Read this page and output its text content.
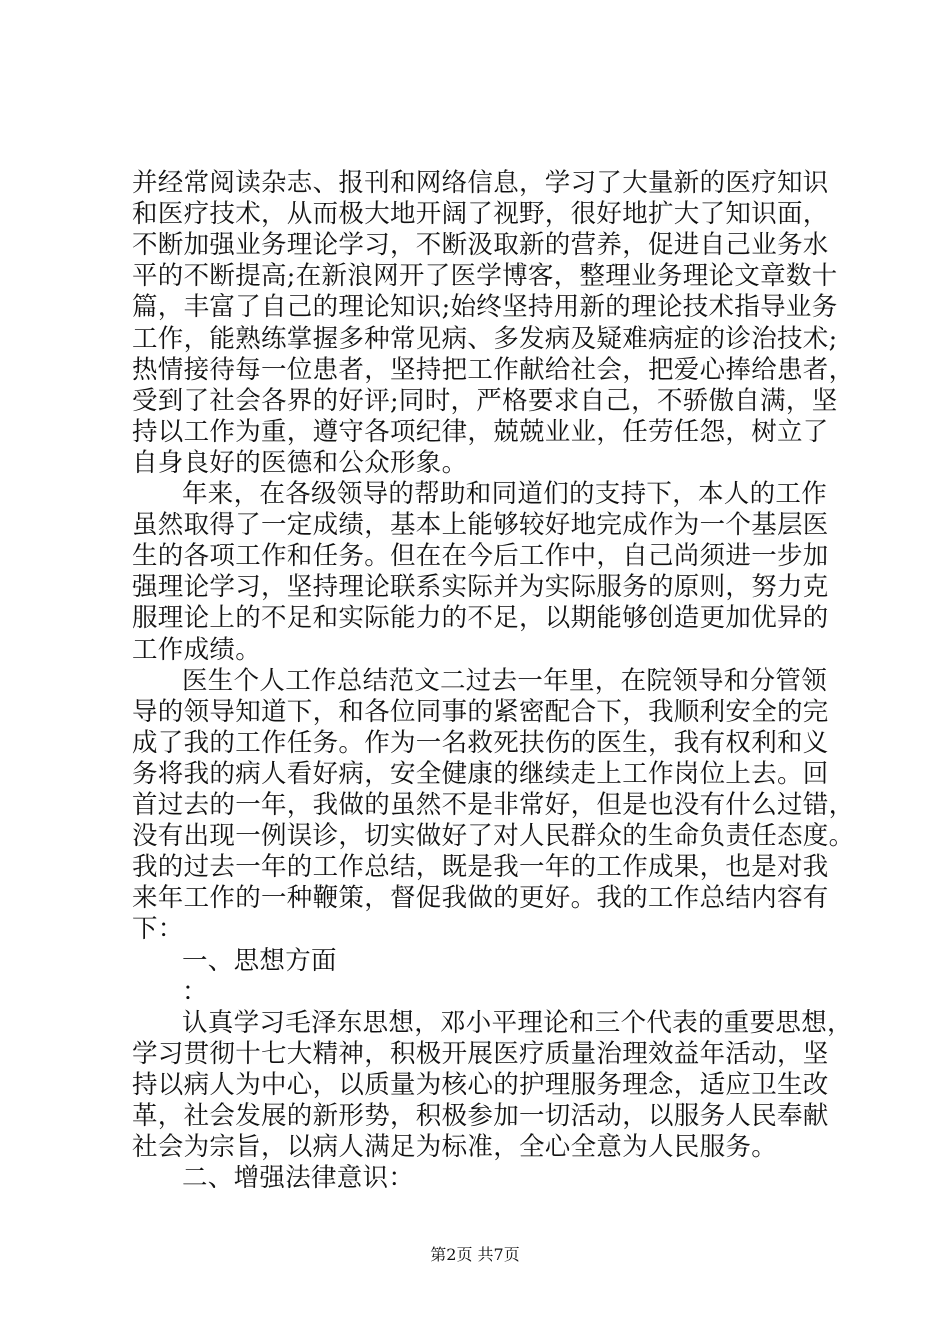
并经常阅读杂志、报刊和网络信息，学习了大量新的医疗知识
和医疗技术，从而极大地开阔了视野，很好地扩大了知识面，
不断加强业务理论学习，不断汲取新的营养，促进自己业务水
平的不断提高;在新浪网开了医学博客，整理业务理论文章数十
篇，丰富了自己的理论知识;始终坚持用新的理论技术指导业务
工作，能熟练掌握多种常见病、多发病及疑难病症的诊治技术;
热情接待每一位患者，坚持把工作献给社会，把爱心捧给患者，
受到了社会各界的好评;同时，严格要求自己，不骄傲自满，坚
持以工作为重，遵守各项纪律，兢兢业业，任劳任怨，树立了
自身良好的医德和公众形象。
年来，在各级领导的帮助和同道们的支持下，本人的工作
虽然取得了一定成绩，基本上能够较好地完成作为一个基层医
生的各项工作和任务。但在在今后工作中，自己尚须进一步加
强理论学习，坚持理论联系实际并为实际服务的原则，努力克
服理论上的不足和实际能力的不足，以期能够创造更加优异的
工作成绩。
医生个人工作总结范文二过去一年里，在院领导和分管领
导的领导知道下，和各位同事的紧密配合下，我顺利安全的完
成了我的工作任务。作为一名救死扶伤的医生，我有权利和义
务将我的病人看好病，安全健康的继续走上工作岗位上去。回
首过去的一年，我做的虽然不是非常好，但是也没有什么过错，
没有出现一例误诊，切实做好了对人民群众的生命负责任态度。
我的过去一年的工作总结，既是我一年的工作成果，也是对我
来年工作的一种鞭策，督促我做的更好。我的工作总结内容有
下：
一、思想方面
：
认真学习毛泽东思想，邓小平理论和三个代表的重要思想，
学习贯彻十七大精神，积极开展医疗质量治理效益年活动，坚
持以病人为中心，以质量为核心的护理服务理念，适应卫生改
革，社会发展的新形势，积极参加一切活动，以服务人民奉献
社会为宗旨，以病人满足为标准，全心全意为人民服务。
二、增强法律意识：
第2页 共7页
